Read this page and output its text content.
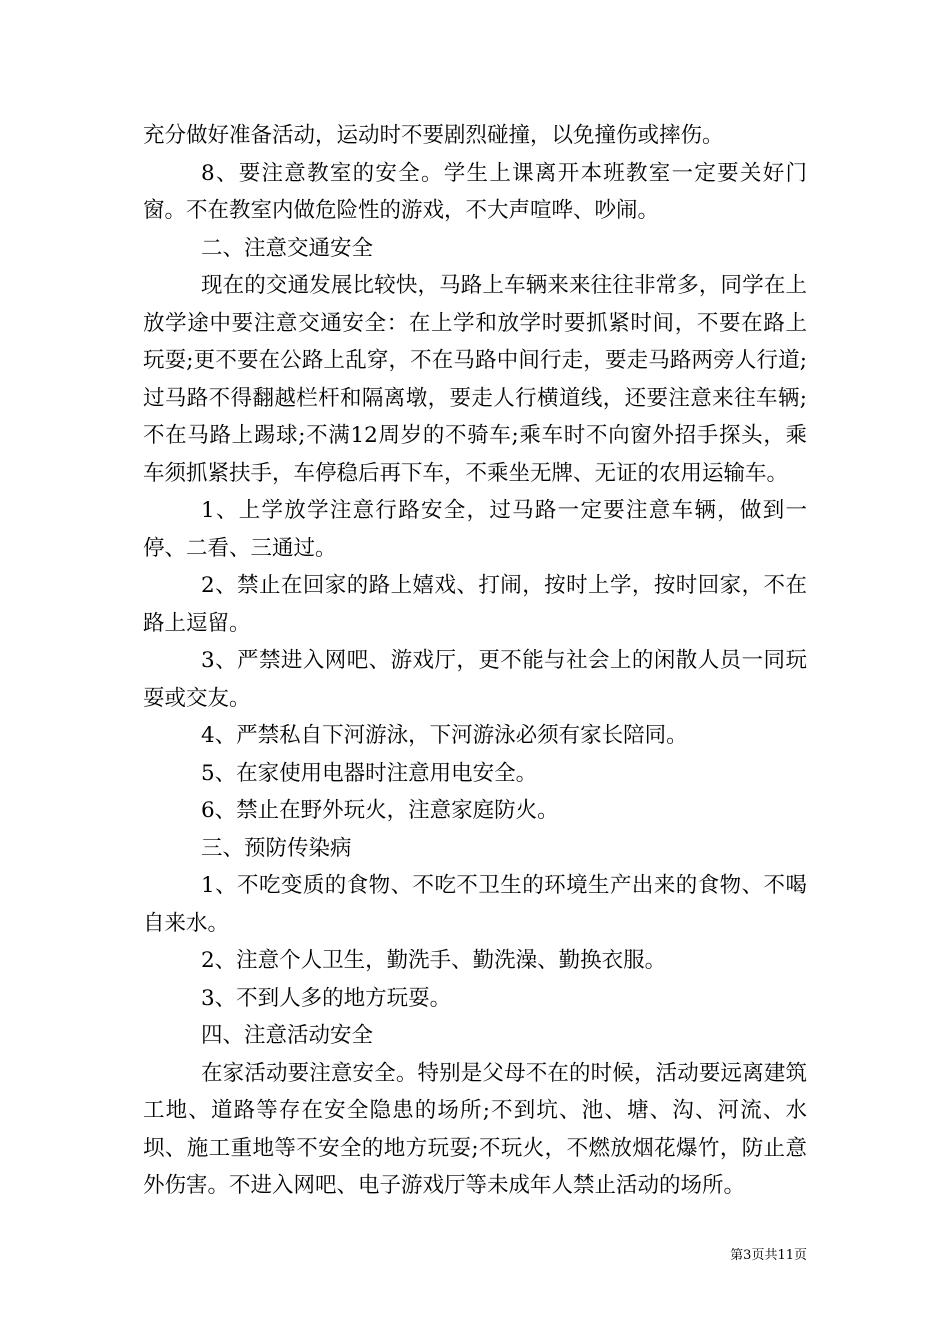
充分做好准备活动，运动时不要剧烈碰撞，以免撞伤或摔伤。

8、要注意教室的安全。学生上课离开本班教室一定要关好门窗。不在教室内做危险性的游戏，不大声喧哗、吵闹。

二、注意交通安全

现在的交通发展比较快，马路上车辆来来往往非常多，同学在上放学途中要注意交通安全：在上学和放学时要抓紧时间，不要在路上玩耍;更不要在公路上乱穿，不在马路中间行走，要走马路两旁人行道;过马路不得翻越栏杆和隔离墩，要走人行横道线，还要注意来往车辆;不在马路上踢球;不满12周岁的不骑车;乘车时不向窗外招手探头，乘车须抓紧扶手，车停稳后再下车，不乘坐无牌、无证的农用运输车。

1、上学放学注意行路安全，过马路一定要注意车辆，做到一停、二看、三通过。

2、禁止在回家的路上嬉戏、打闹，按时上学，按时回家，不在路上逗留。

3、严禁进入网吧、游戏厅，更不能与社会上的闲散人员一同玩耍或交友。

4、严禁私自下河游泳，下河游泳必须有家长陪同。

5、在家使用电器时注意用电安全。

6、禁止在野外玩火，注意家庭防火。

三、预防传染病

1、不吃变质的食物、不吃不卫生的环境生产出来的食物、不喝自来水。

2、注意个人卫生，勤洗手、勤洗澡、勤换衣服。

3、不到人多的地方玩耍。

四、注意活动安全

在家活动要注意安全。特别是父母不在的时候，活动要远离建筑工地、道路等存在安全隐患的场所;不到坑、池、塘、沟、河流、水坝、施工重地等不安全的地方玩耍;不玩火，不燃放烟花爆竹，防止意外伤害。不进入网吧、电子游戏厅等未成年人禁止活动的场所。

第3页共11页
